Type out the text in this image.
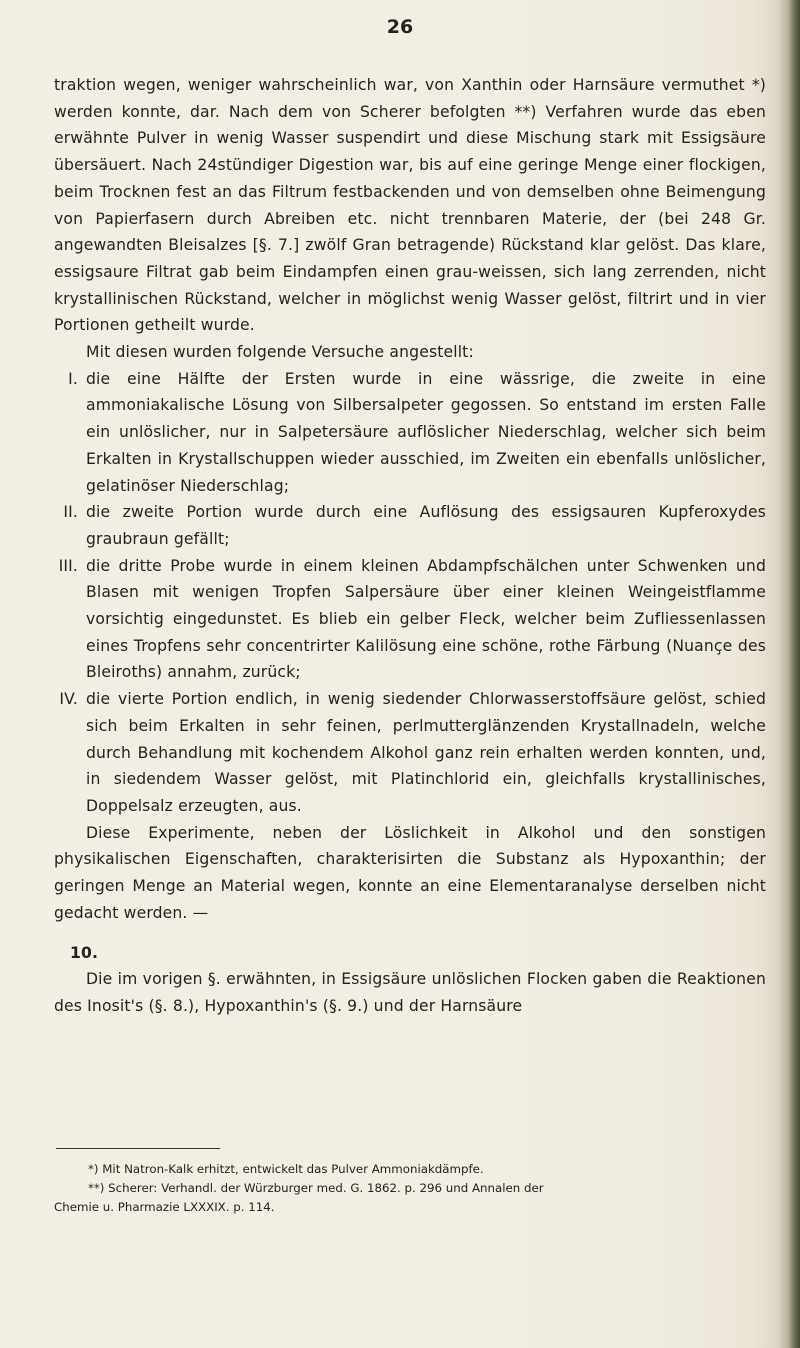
26

traktion wegen, weniger wahrscheinlich war, von Xanthin oder Harnsäure vermuthet *) werden konnte, dar. Nach dem von Scherer befolgten **) Verfahren wurde das eben erwähnte Pulver in wenig Wasser suspendirt und diese Mischung stark mit Essigsäure übersäuert. Nach 24stündiger Digestion war, bis auf eine geringe Menge einer flockigen, beim Trocknen fest an das Filtrum festbackenden und von demselben ohne Beimengung von Papierfasern durch Abreiben etc. nicht trennbaren Materie, der (bei 248 Gr. angewandten Bleisalzes [§. 7.] zwölf Gran betragende) Rückstand klar gelöst. Das klare, essigsaure Filtrat gab beim Eindampfen einen grau-weissen, sich lang zerrenden, nicht krystallinischen Rückstand, welcher in möglichst wenig Wasser gelöst, filtrirt und in vier Portionen getheilt wurde.

Mit diesen wurden folgende Versuche angestellt:

I. die eine Hälfte der Ersten wurde in eine wässrige, die zweite in eine ammoniakalische Lösung von Silbersalpeter gegossen. So entstand im ersten Falle ein unlöslicher, nur in Salpetersäure auflöslicher Niederschlag, welcher sich beim Erkalten in Krystallschuppen wieder ausschied, im Zweiten ein ebenfalls unlöslicher, gelatinöser Niederschlag;
II. die zweite Portion wurde durch eine Auflösung des essigsauren Kupferoxydes graubraun gefällt;
III. die dritte Probe wurde in einem kleinen Abdampfschälchen unter Schwenken und Blasen mit wenigen Tropfen Salpersäure über einer kleinen Weingeistflamme vorsichtig eingedunstet. Es blieb ein gelber Fleck, welcher beim Zufliessenlassen eines Tropfens sehr concentrirter Kalilösung eine schöne, rothe Färbung (Nuançe des Bleiroths) annahm, zurück;
IV. die vierte Portion endlich, in wenig siedender Chlorwasserstoffsäure gelöst, schied sich beim Erkalten in sehr feinen, perlmutterglänzenden Krystallnadeln, welche durch Behandlung mit kochendem Alkohol ganz rein erhalten werden konnten, und, in siedendem Wasser gelöst, mit Platinchlorid ein, gleichfalls krystallinisches, Doppelsalz erzeugten, aus.

Diese Experimente, neben der Löslichkeit in Alkohol und den sonstigen physikalischen Eigenschaften, charakterisirten die Substanz als Hypoxanthin; der geringen Menge an Material wegen, konnte an eine Elementaranalyse derselben nicht gedacht werden. —

10.

Die im vorigen §. erwähnten, in Essigsäure unlöslichen Flocken gaben die Reaktionen des Inosit's (§. 8.), Hypoxanthin's (§. 9.) und der Harnsäure

*) Mit Natron-Kalk erhitzt, entwickelt das Pulver Ammoniakdämpfe.

**) Scherer: Verhandl. der Würzburger med. G. 1862. p. 296 und Annalen der

Chemie u. Pharmazie LXXXIX. p. 114.
